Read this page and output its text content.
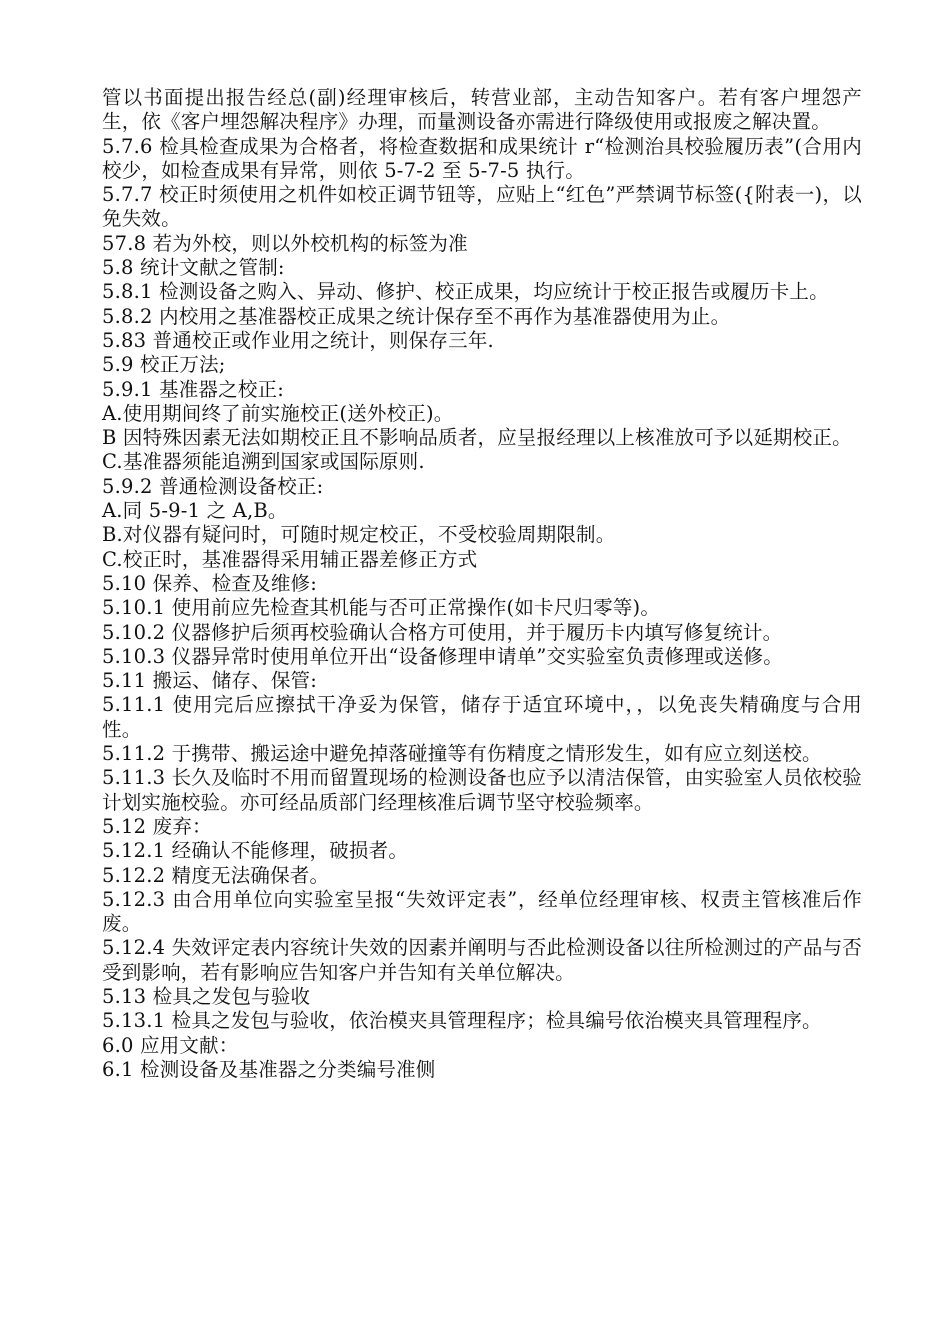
管以书面提出报告经总(副)经理审核后，转营业部，主动告知客户。若有客户埋怨产生，依《客户埋怨解决程序》办理，而量测设备亦需进行降级使用或报废之解决置。

5.7.6 检具检查成果为合格者，将检查数据和成果统计 r“检测治具校验履历表”(合用内校少，如检查成果有异常，则依 5-7-2 至 5-7-5 执行。

5.7.7 校正时须使用之机件如校正调节钮等，应贴上“红色”严禁调节标签({附表一)，以免失效。

57.8 若为外校，则以外校机构的标签为准

5.8 统计文献之管制:

5.8.1 检测设备之购入、异动、修护、校正成果，均应统计于校正报告或履历卡上。

5.8.2 内校用之基准器校正成果之统计保存至不再作为基准器使用为止。

5.83 普通校正或作业用之统计，则保存三年.

5.9 校正万法;

5.9.1 基准器之校正:

A.使用期间终了前实施校正(送外校正)。

B 因特殊因素无法如期校正且不影响品质者，应呈报经理以上核准放可予以延期校正。

C.基准器须能追溯到国家或国际原则.

5.9.2 普通检测设备校正:

A.同 5-9-1 之 A,B。

B.对仪器有疑问时，可随时规定校正，不受校验周期限制。

C.校正时，基准器得采用辅正器差修正方式

5.10 保养、检查及维修:

5.10.1 使用前应先检查其机能与否可正常操作(如卡尺归零等)。

5.10.2 仪器修护后须再校验确认合格方可使用，并于履历卡内填写修复统计。

5.10.3 仪器异常时使用单位开出“设备修理申请单”交实验室负责修理或送修。

5.11 搬运、储存、保管:

5.11.1 使用完后应擦拭干净妥为保管，储存于适宜环境中，，以免丧失精确度与合用性。

5.11.2 于携带、搬运途中避免掉落碰撞等有伤精度之情形发生，如有应立刻送校。

5.11.3 长久及临时不用而留置现场的检测设备也应予以清洁保管，由实验室人员依校验计划实施校验。亦可经品质部门经理核准后调节坚守校验频率。

5.12 废弃：

5.12.1 经确认不能修理，破损者。

5.12.2 精度无法确保者。

5.12.3 由合用单位向实验室呈报“失效评定表”，经单位经理审核、权责主管核准后作废。

5.12.4 失效评定表内容统计失效的因素并阐明与否此检测设备以往所检测过的产品与否受到影响，若有影响应告知客户并告知有关单位解决。

5.13 检具之发包与验收

5.13.1 检具之发包与验收，依治模夹具管理程序；检具编号依治模夹具管理程序。

6.0 应用文献：

6.1 检测设备及基准器之分类编号准侧
